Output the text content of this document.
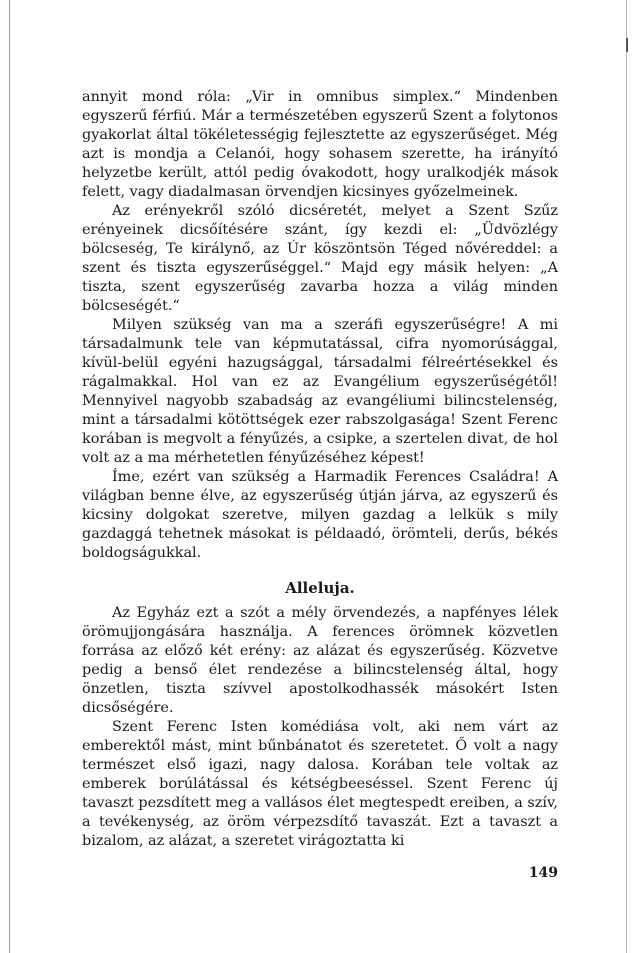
annyit mond róla: „Vir in omnibus simplex.“ Mindenben egyszerű férfiú. Már a természetében egyszerű Szent a folytonos gyakorlat által tökéletességig fejlesztette az egyszerűséget. Még azt is mondja a Celanói, hogy sohasem szerette, ha irányító helyzetbe került, attól pedig óvakodott, hogy uralkodjék mások felett, vagy diadalmasan örvendjen kicsinyes győzelmeinek.

Az erényekről szóló dicséretét, melyet a Szent Szűz erényeinek dicsőítésére szánt, így kezdi el: „Üdvözlégy bölcseség, Te királynő, az Úr köszöntsön Téged nővéreddel: a szent és tiszta egyszerűséggel.“ Majd egy másik helyen: „A tiszta, szent egyszerűség zavarba hozza a világ minden bölcseségét.“

Milyen szükség van ma a szeráfi egyszerűségre! A mi társadalmunk tele van képmutatással, cifra nyomorúsággal, kívül-belül egyéni hazugsággal, társadalmi félreértésekkel és rágalmakkal. Hol van ez az Evangélium egyszerűségétől! Mennyivel nagyobb szabadság az evangéliumi bilincstelenség, mint a társadalmi kötöttségek ezer rabszolgasága! Szent Ferenc korában is megvolt a fényűzés, a csipke, a szertelen divat, de hol volt az a ma mérhetetlen fényűzéséhez képest!

Íme, ezért van szükség a Harmadik Ferences Családra! A világban benne élve, az egyszerűség útján járva, az egyszerű és kicsiny dolgokat szeretve, milyen gazdag a lelkük s mily gazdaggá tehetnek másokat is példaadó, örömteli, derűs, békés boldogságukkal.

Alleluja.

Az Egyház ezt a szót a mély örvendezés, a napfényes lélek örömujjongására használja. A ferences örömnek közvetlen forrása az előző két erény: az alázat és egyszerűség. Közvetve pedig a benső élet rendezése a bilincstelenség által, hogy önzetlen, tiszta szívvel apostolkodhassék másokért Isten dicsőségére.

Szent Ferenc Isten komédiása volt, aki nem várt az emberektől mást, mint bűnbánatot és szeretetet. Ő volt a nagy természet első igazi, nagy dalosa. Korában tele voltak az emberek borúlátással és kétségbeeséssel. Szent Ferenc új tavaszt pezsdített meg a vallásos élet megtespedt ereiben, a szív, a tevékenység, az öröm vérpezsdítő tavaszát. Ezt a tavaszt a bizalom, az alázat, a szeretet virágoztatta ki

149
